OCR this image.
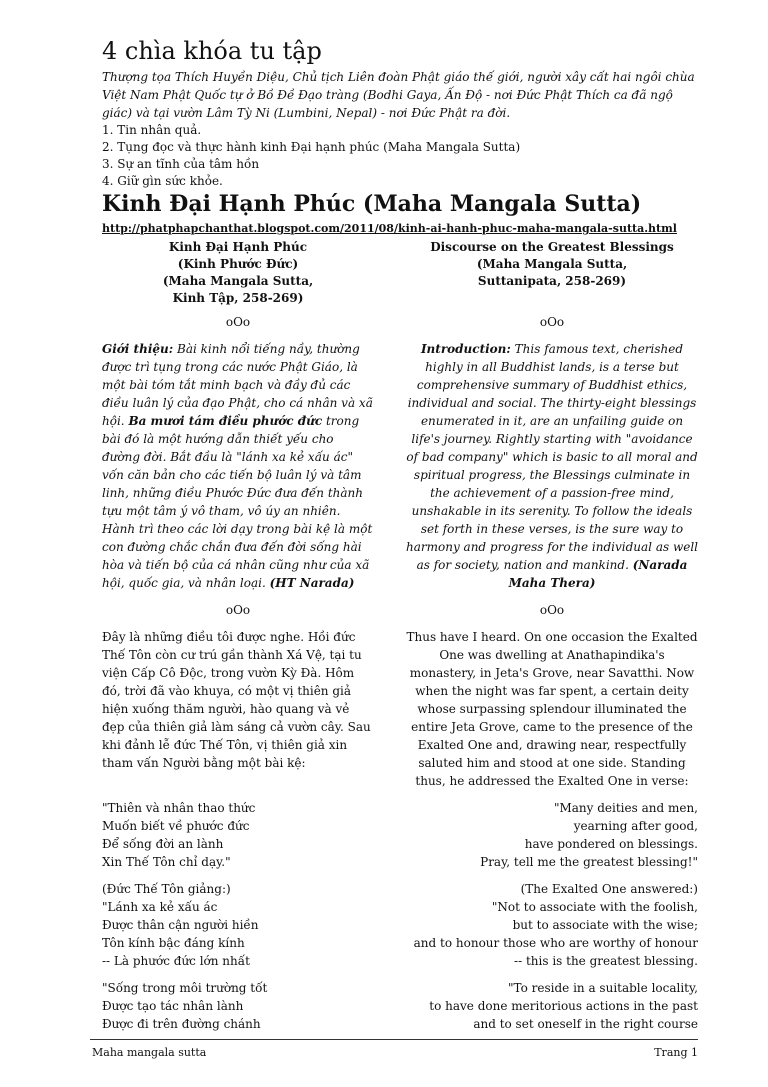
4 chìa khóa tu tập

Thượng tọa Thích Huyền Diệu, Chủ tịch Liên đoàn Phật giáo thế giới, người xây cất hai ngôi chùa Việt Nam Phật Quốc tự ở Bồ Đề Đạo tràng (Bodhi Gaya, Ấn Độ - nơi Đức Phật Thích ca đã ngộ giác) và tại vườn Lâm Tỳ Ni (Lumbini, Nepal) - nơi Đức Phật ra đời.

1. Tin nhân quả.
2. Tụng đọc và thực hành kinh Đại hạnh phúc (Maha Mangala Sutta)
3. Sự an tĩnh của tâm hồn
4. Giữ gìn sức khỏe.
Kinh Đại Hạnh Phúc (Maha Mangala Sutta)
http://phatphapchanthat.blogspot.com/2011/08/kinh-ai-hanh-phuc-maha-mangala-sutta.html
Kinh Đại Hạnh Phúc
(Kinh Phước Đức)
(Maha Mangala Sutta,
Kinh Tập, 258-269)
Discourse on the Greatest Blessings
(Maha Mangala Sutta,
Suttanipata, 258-269)
oOo	oOo
Giới thiệu: Bài kinh nổi tiếng nầy, thường được trì tụng trong các nước Phật Giáo, là một bài tóm tắt minh bạch và đầy đủ các điều luân lý của đạo Phật, cho cá nhân và xã hội. Ba mươi tám điều phước đức trong bài đó là một hướng dẫn thiết yếu cho đường đời. Bắt đầu là "lánh xa kẻ xấu ác" vốn căn bản cho các tiến bộ luân lý và tâm linh, những điều Phước Đức đưa đến thành tựu một tâm ý vô tham, vô úy an nhiên. Hành trì theo các lời dạy trong bài kệ là một con đường chắc chắn đưa đến đời sống hài hòa và tiến bộ của cá nhân cũng như của xã hội, quốc gia, và nhân loại. (HT Narada)
Introduction: This famous text, cherished highly in all Buddhist lands, is a terse but comprehensive summary of Buddhist ethics, individual and social. The thirty-eight blessings enumerated in it, are an unfailing guide on life's journey. Rightly starting with "avoidance of bad company" which is basic to all moral and spiritual progress, the Blessings culminate in the achievement of a passion-free mind, unshakable in its serenity. To follow the ideals set forth in these verses, is the sure way to harmony and progress for the individual as well as for society, nation and mankind. (Narada Maha Thera)
oOo	oOo
Đây là những điều tôi được nghe. Hồi đức Thế Tôn còn cư trú gần thành Xá Vệ, tại tu viện Cấp Cô Độc, trong vườn Kỳ Đà. Hôm đó, trời đã vào khuya, có một vị thiên giả hiện xuống thăm người, hào quang và vẻ đẹp của thiên giả làm sáng cả vườn cây. Sau khi đảnh lễ đức Thế Tôn, vị thiên giả xin tham vấn Người bằng một bài kệ:
Thus have I heard. On one occasion the Exalted One was dwelling at Anathapindika's monastery, in Jeta's Grove, near Savatthi. Now when the night was far spent, a certain deity whose surpassing splendour illuminated the entire Jeta Grove, came to the presence of the Exalted One and, drawing near, respectfully saluted him and stood at one side. Standing thus, he addressed the Exalted One in verse:
"Thiên và nhân thao thức
Muốn biết về phước đức
Để sống đời an lành
Xin Thế Tôn chỉ dạy."
"Many deities and men,
yearning after good,
have pondered on blessings.
Pray, tell me the greatest blessing!"
(Đức Thế Tôn giảng:)
"Lánh xa kẻ xấu ác
Được thân cận người hiền
Tôn kính bậc đáng kính
-- Là phước đức lớn nhất
(The Exalted One answered:)
"Not to associate with the foolish,
but to associate with the wise;
and to honour those who are worthy of honour
-- this is the greatest blessing.
"Sống trong môi trường tốt
Được tạo tác nhân lành
Được đi trên đường chánh
"To reside in a suitable locality,
to have done meritorious actions in the past
and to set oneself in the right course
Maha mangala sutta	Trang 1
